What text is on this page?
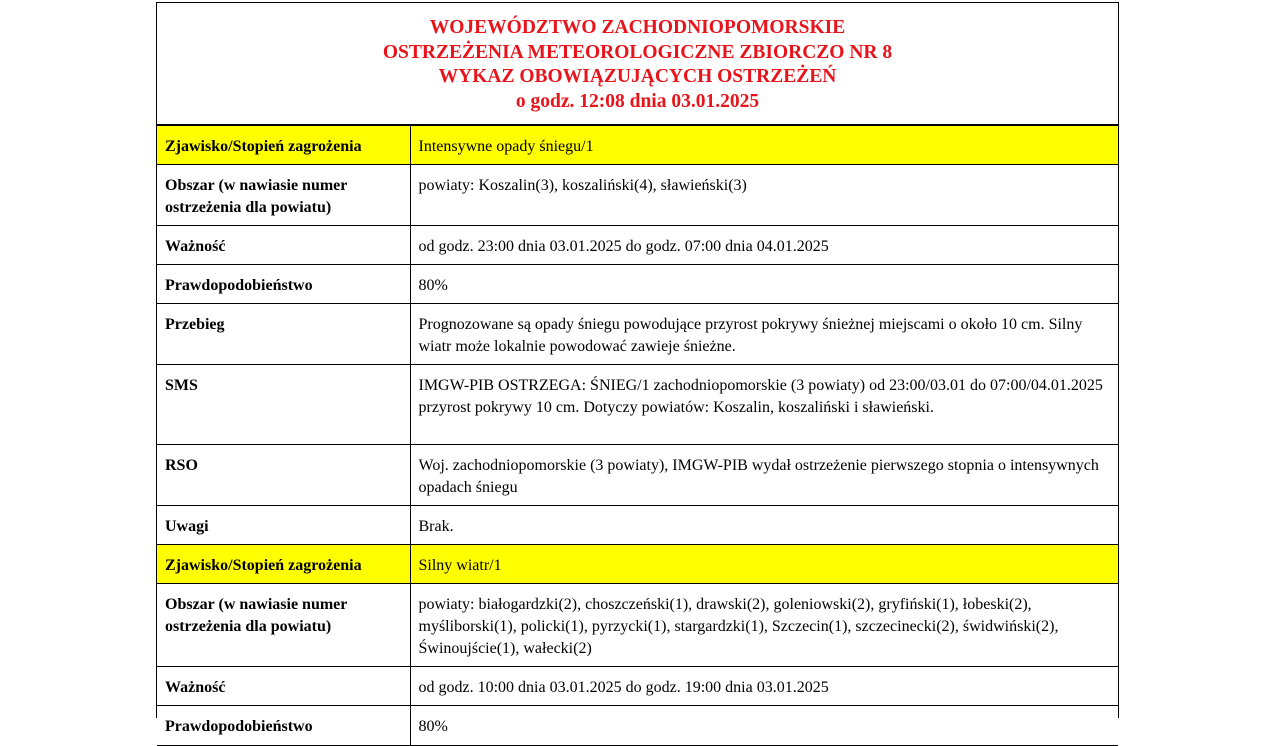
WOJEWÓDZTWO ZACHODNIOPOMORSKIE
OSTRZEŻENIA METEOROLOGICZNE ZBIORCZO NR 8
WYKAZ OBOWIĄZUJĄCYCH OSTRZEŻEŃ
o godz. 12:08 dnia 03.01.2025
Zjawisko/Stopień zagrożenia	Intensywne opady śniegu/1
Obszar (w nawiasie numer ostrzeżenia dla powiatu)	powiaty: Koszalin(3), koszaliński(4), sławieński(3)
Ważność	od godz. 23:00 dnia 03.01.2025 do godz. 07:00 dnia 04.01.2025
Prawdopodobieństwo	80%
Przebieg	Prognozowane są opady śniegu powodujące przyrost pokrywy śnieżnej miejscami o około 10 cm. Silny wiatr może lokalnie powodować zawieje śnieżne.
SMS	IMGW-PIB OSTRZEGA: ŚNIEG/1 zachodniopomorskie (3 powiaty) od 23:00/03.01 do 07:00/04.01.2025 przyrost pokrywy 10 cm. Dotyczy powiatów: Koszalin, koszaliński i sławieński.
RSO	Woj. zachodniopomorskie (3 powiaty), IMGW-PIB wydał ostrzeżenie pierwszego stopnia o intensywnych opadach śniegu
Uwagi	Brak.
Zjawisko/Stopień zagrożenia	Silny wiatr/1
Obszar (w nawiasie numer ostrzeżenia dla powiatu)	powiaty: białogardzki(2), choszczeński(1), drawski(2), goleniowski(2), gryfiński(1), łobeski(2), myśliborski(1), policki(1), pyrzycki(1), stargardzki(1), Szczecin(1), szczecinecki(2), świdwiński(2), Świnoujście(1), wałecki(2)
Ważność	od godz. 10:00 dnia 03.01.2025 do godz. 19:00 dnia 03.01.2025
Prawdopodobieństwo	80%
